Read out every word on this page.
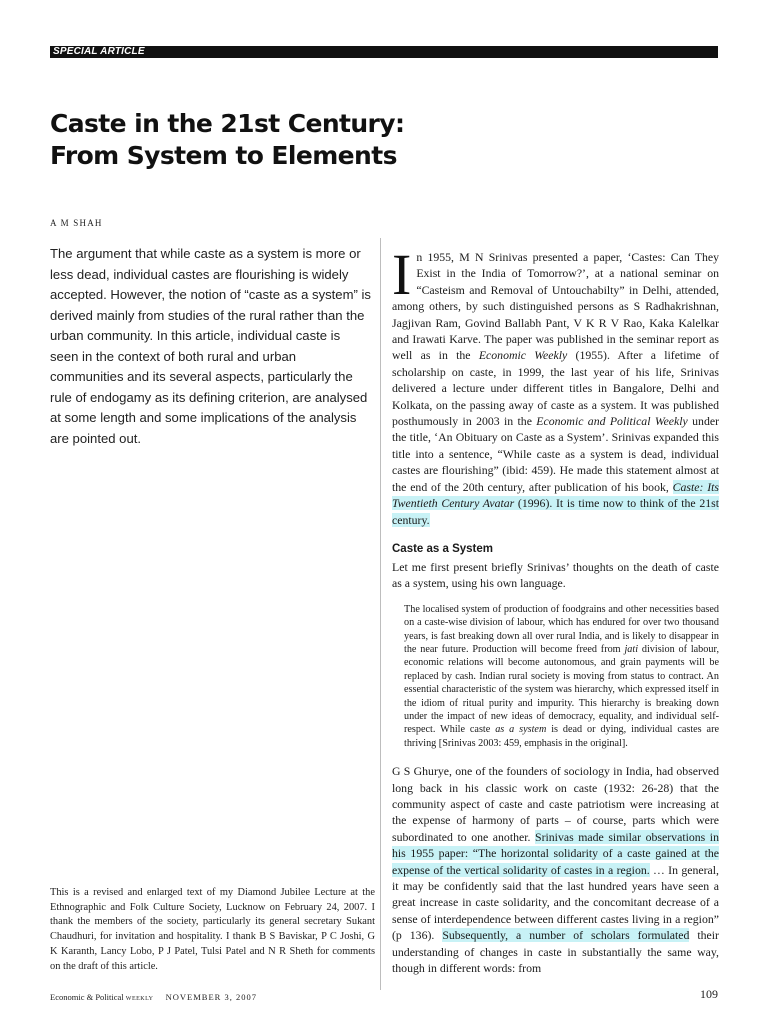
SPECIAL ARTICLE
Caste in the 21st Century:
From System to Elements
A M SHAH
The argument that while caste as a system is more or less dead, individual castes are flourishing is widely accepted. However, the notion of “caste as a system” is derived mainly from studies of the rural rather than the urban community. In this article, individual caste is seen in the context of both rural and urban communities and its several aspects, particularly the rule of endogamy as its defining criterion, are analysed at some length and some implications of the analysis are pointed out.
This is a revised and enlarged text of my Diamond Jubilee Lecture at the Ethnographic and Folk Culture Society, Lucknow on February 24, 2007. I thank the members of the society, particularly its general secretary Sukant Chaudhuri, for invitation and hospitality. I thank B S Baviskar, P C Joshi, G K Karanth, Lancy Lobo, P J Patel, Tulsi Patel and N R Sheth for comments on the draft of this article.

In 1955, M N Srinivas presented a paper, ‘Castes: Can They Exist in the India of Tomorrow?’, at a national seminar on “Casteism and Removal of Untouchabilty” in Delhi, attended, among others, by such distinguished persons as S Radhakrishnan, Jagjivan Ram, Govind Ballabh Pant, V K R V Rao, Kaka Kalelkar and Irawati Karve. The paper was published in the seminar report as well as in the Economic Weekly (1955). After a lifetime of scholarship on caste, in 1999, the last year of his life, Srinivas delivered a lecture under different titles in Bangalore, Delhi and Kolkata, on the passing away of caste as a system. It was published posthumously in 2003 in the Economic and Political Weekly under the title, ‘An Obituary on Caste as a System’. Srinivas expanded this title into a sentence, “While caste as a system is dead, individual castes are flourishing” (ibid: 459). He made this statement almost at the end of the 20th century, after publication of his book, Caste: Its Twentieth Century Avatar (1996). It is time now to think of the 21st century.

Caste as a System

Let me first present briefly Srinivas’ thoughts on the death of caste as a system, using his own language.

The localised system of production of foodgrains and other necessities based on a caste-wise division of labour, which has endured for over two thousand years, is fast breaking down all over rural India, and is likely to disappear in the near future. Production will become freed from jati division of labour, economic relations will become autonomous, and grain payments will be replaced by cash. Indian rural society is moving from status to contract. An essential characteristic of the system was hierarchy, which expressed itself in the idiom of ritual purity and impurity. This hierarchy is breaking down under the impact of new ideas of democracy, equality, and individual self-respect. While caste as a system is dead or dying, individual castes are thriving [Srinivas 2003: 459, emphasis in the original].

G S Ghurye, one of the founders of sociology in India, had observed long back in his classic work on caste (1932: 26-28) that the community aspect of caste and caste patriotism were increasing at the expense of harmony of parts – of course, parts which were subordinated to one another. Srinivas made similar observations in his 1955 paper: “The horizontal solidarity of a caste gained at the expense of the vertical solidarity of castes in a region. … In general, it may be confidently said that the last hundred years have seen a great increase in caste solidarity, and the concomitant decrease of a sense of interdependence between different castes living in a region” (p 136). Subsequently, a number of scholars formulated their understanding of changes in caste in substantially the same way, though in different words: from

Economic & Political weekly NOVEMBER 3, 2007	109
